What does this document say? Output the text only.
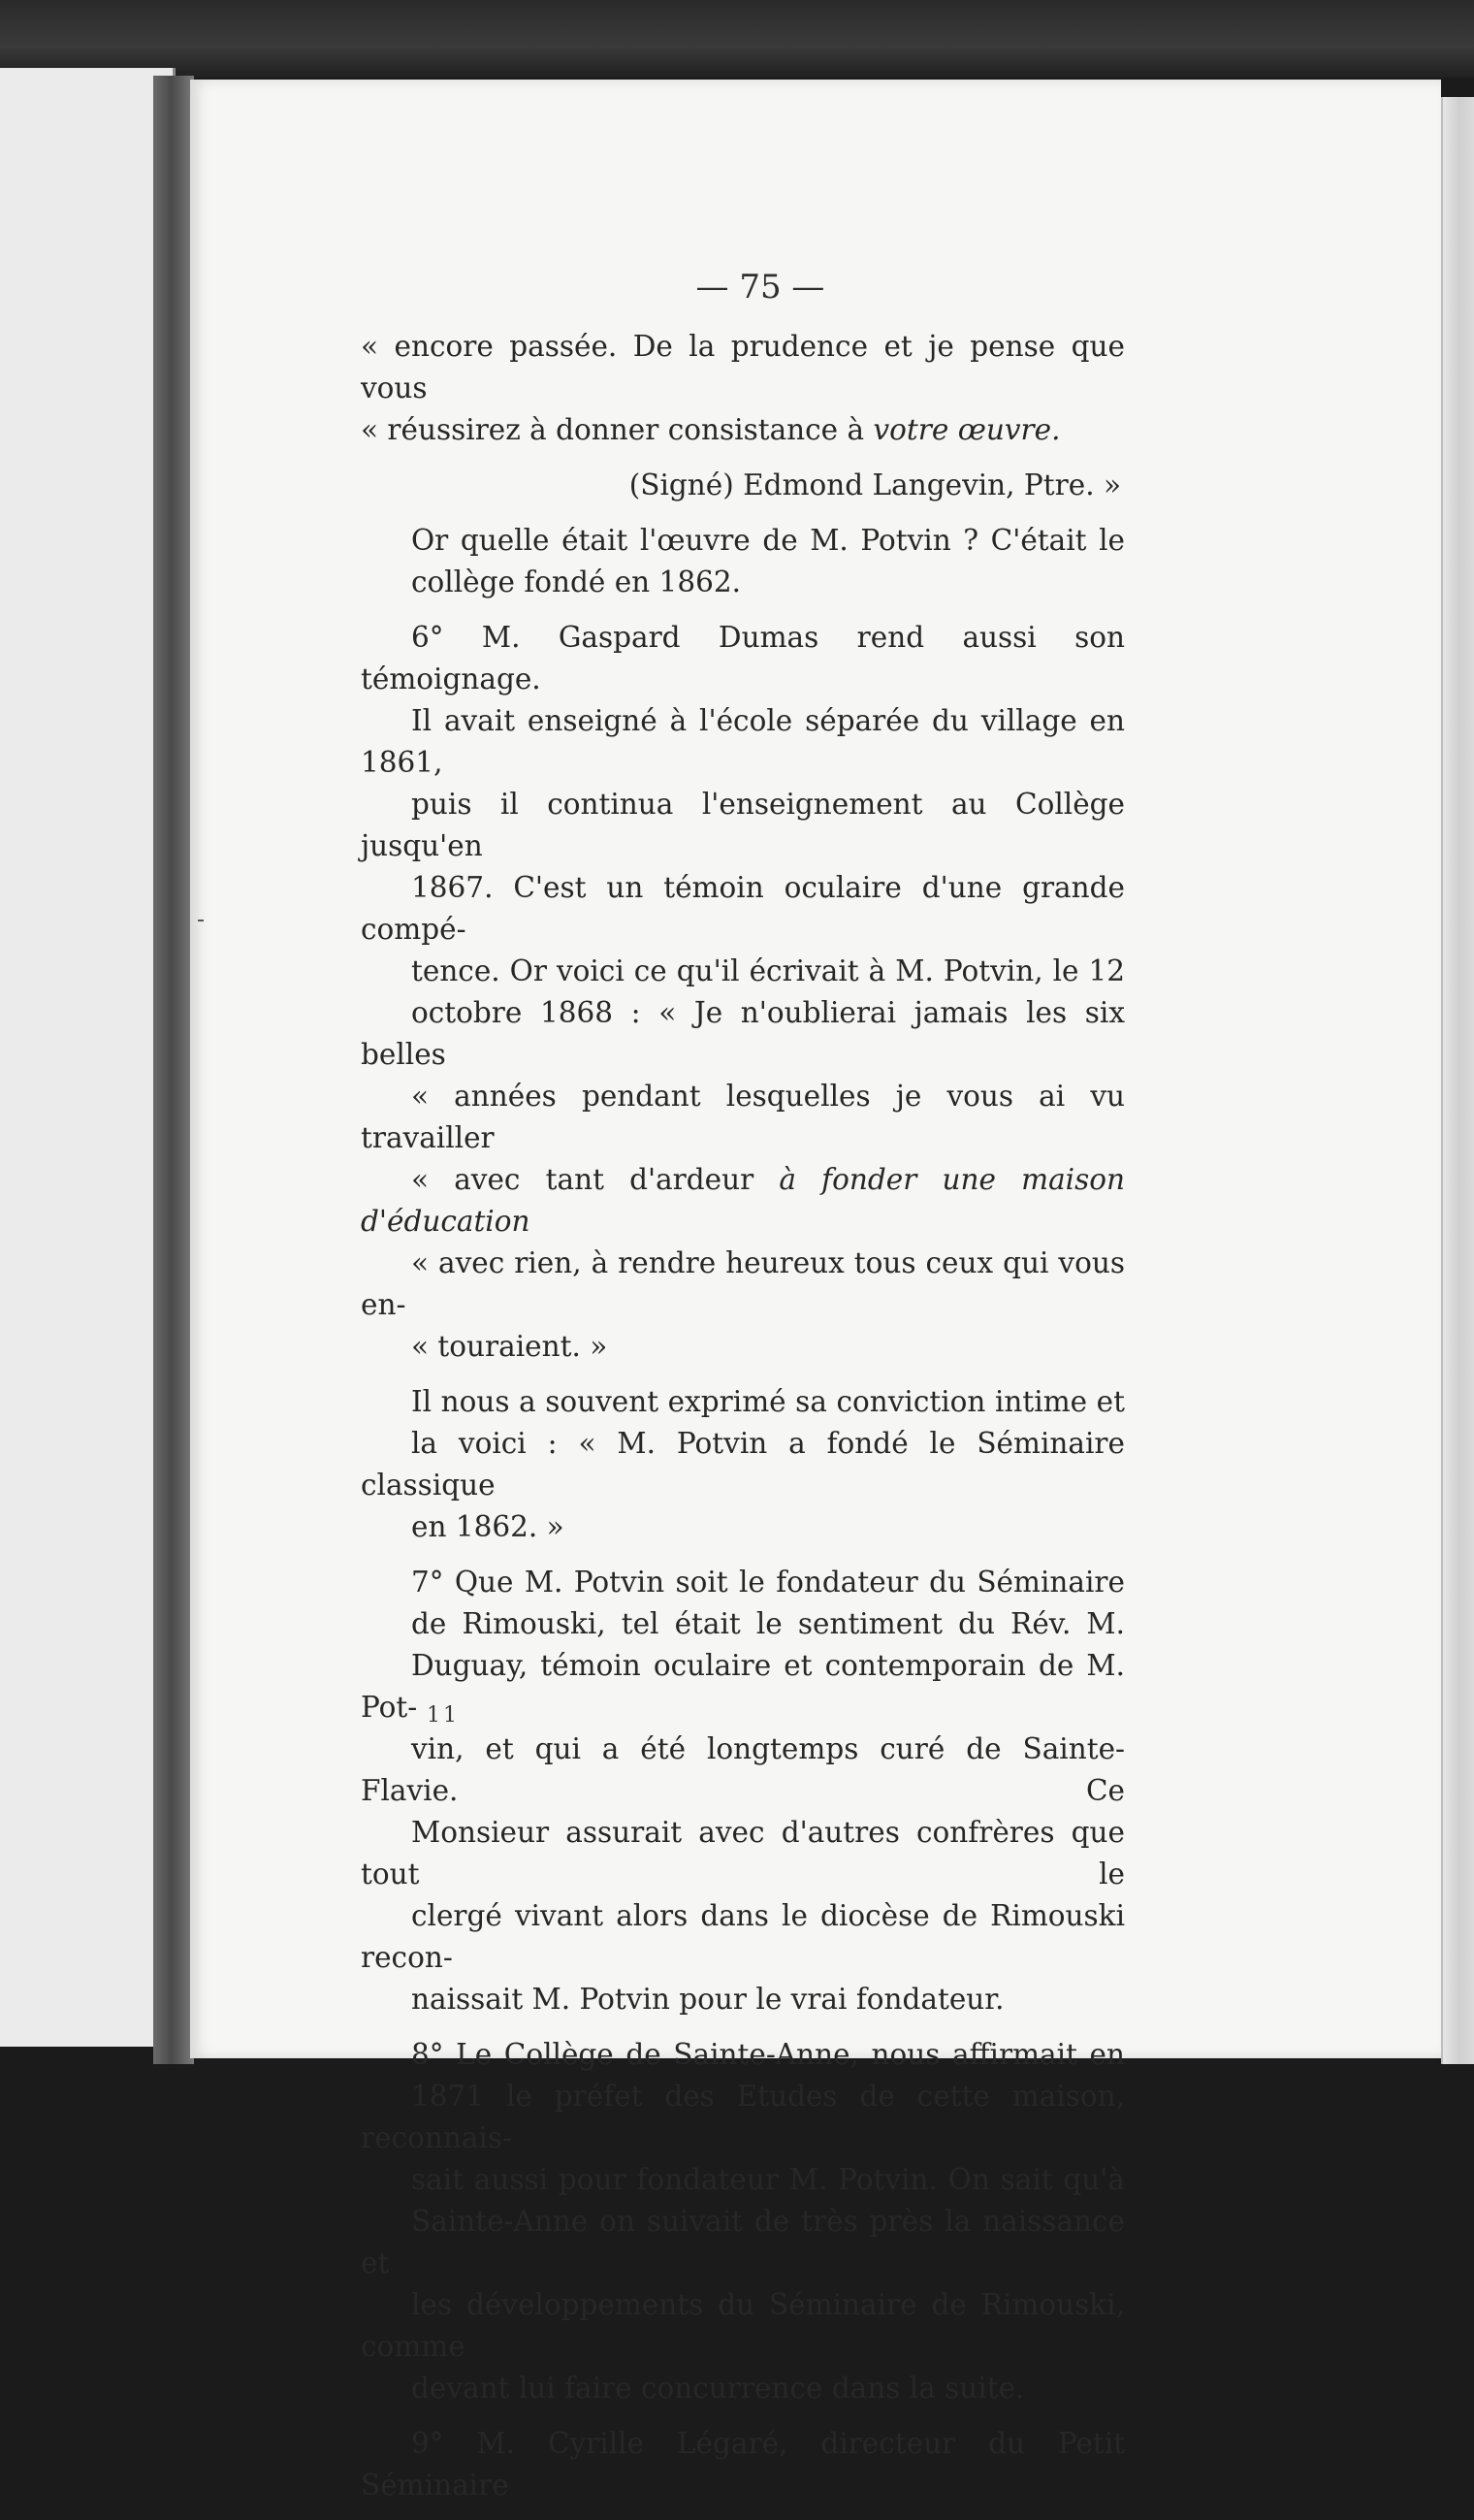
— 75 —

« encore passée. De la prudence et je pense que vous
« réussirez à donner consistance à votre œuvre.

(Signé) Edmond Langevin, Ptre. »

Or quelle était l'œuvre de M. Potvin ? C'était le
collège fondé en 1862.

6° M. Gaspard Dumas rend aussi son témoignage.
Il avait enseigné à l'école séparée du village en 1861,
puis il continua l'enseignement au Collège jusqu'en
1867. C'est un témoin oculaire d'une grande compé-
tence. Or voici ce qu'il écrivait à M. Potvin, le 12
octobre 1868 : « Je n'oublierai jamais les six belles
« années pendant lesquelles je vous ai vu travailler
« avec tant d'ardeur à fonder une maison d'éducation
« avec rien, à rendre heureux tous ceux qui vous en-
« touraient. »

Il nous a souvent exprimé sa conviction intime et
la voici : « M. Potvin a fondé le Séminaire classique
en 1862. »

7° Que M. Potvin soit le fondateur du Séminaire
de Rimouski, tel était le sentiment du Rév. M.
Duguay, témoin oculaire et contemporain de M. Pot-
vin, et qui a été longtemps curé de Sainte-Flavie. Ce
Monsieur assurait avec d'autres confrères que tout le
clergé vivant alors dans le diocèse de Rimouski recon-
naissait M. Potvin pour le vrai fondateur.

8° Le Collège de Sainte-Anne, nous affirmait en
1871 le préfet des Etudes de cette maison, reconnais-
sait aussi pour fondateur M. Potvin. On sait qu'à
Sainte-Anne on suivait de très près la naissance et
les développements du Séminaire de Rimouski, comme
devant lui faire concurrence dans la suite.

9° M. Cyrille Légaré, directeur du Petit Séminaire

11
